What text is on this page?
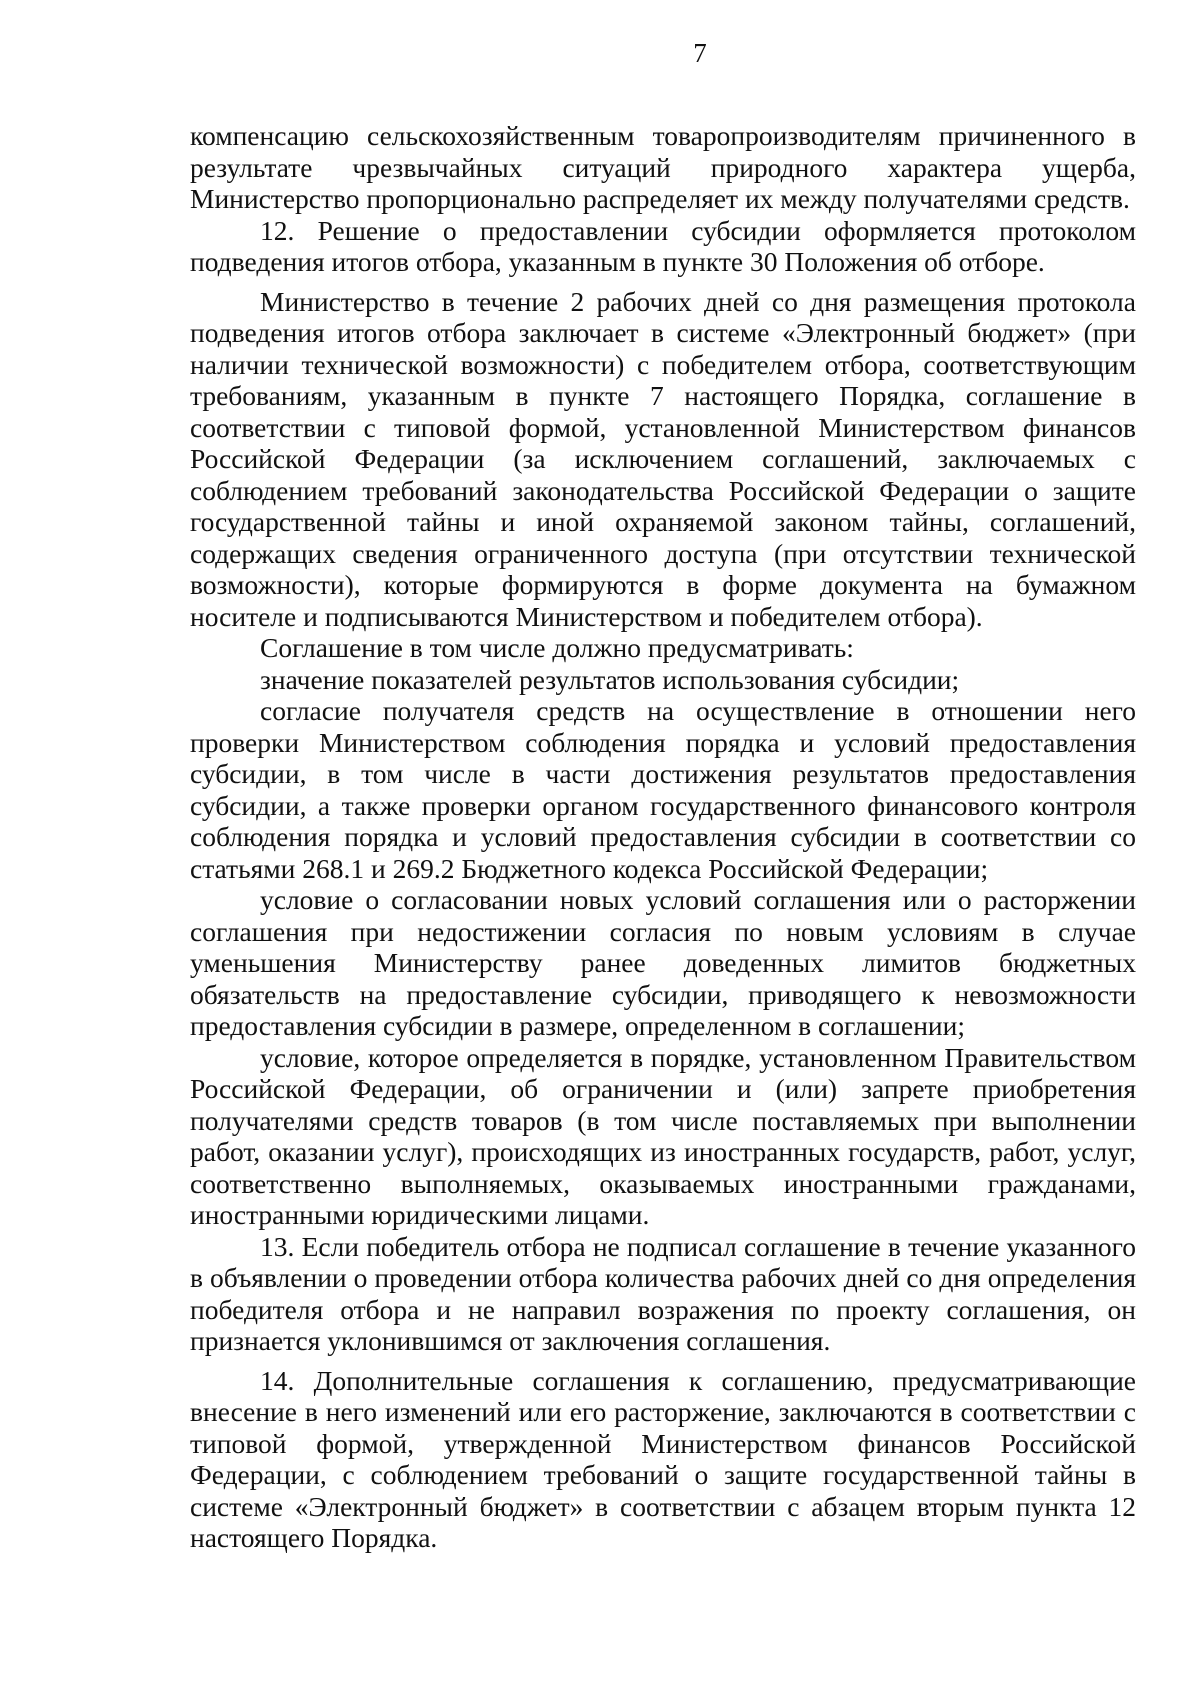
7

компенсацию сельскохозяйственным товаропроизводителям причиненного в результате чрезвычайных ситуаций природного характера ущерба, Министерство пропорционально распределяет их между получателями средств.

12. Решение о предоставлении субсидии оформляется протоколом подведения итогов отбора, указанным в пункте 30 Положения об отборе.

Министерство в течение 2 рабочих дней со дня размещения протокола подведения итогов отбора заключает в системе «Электронный бюджет» (при наличии технической возможности) с победителем отбора, соответствующим требованиям, указанным в пункте 7 настоящего Порядка, соглашение в соответствии с типовой формой, установленной Министерством финансов Российской Федерации (за исключением соглашений, заключаемых с соблюдением требований законодательства Российской Федерации о защите государственной тайны и иной охраняемой законом тайны, соглашений, содержащих сведения ограниченного доступа (при отсутствии технической возможности), которые формируются в форме документа на бумажном носителе и подписываются Министерством и победителем отбора).

Соглашение в том числе должно предусматривать:

значение показателей результатов использования субсидии;

согласие получателя средств на осуществление в отношении него проверки Министерством соблюдения порядка и условий предоставления субсидии, в том числе в части достижения результатов предоставления субсидии, а также проверки органом государственного финансового контроля соблюдения порядка и условий предоставления субсидии в соответствии со статьями 268.1 и 269.2 Бюджетного кодекса Российской Федерации;

условие о согласовании новых условий соглашения или о расторжении соглашения при недостижении согласия по новым условиям в случае уменьшения Министерству ранее доведенных лимитов бюджетных обязательств на предоставление субсидии, приводящего к невозможности предоставления субсидии в размере, определенном в соглашении;

условие, которое определяется в порядке, установленном Правительством Российской Федерации, об ограничении и (или) запрете приобретения получателями средств товаров (в том числе поставляемых при выполнении работ, оказании услуг), происходящих из иностранных государств, работ, услуг, соответственно выполняемых, оказываемых иностранными гражданами, иностранными юридическими лицами.

13. Если победитель отбора не подписал соглашение в течение указанного в объявлении о проведении отбора количества рабочих дней со дня определения победителя отбора и не направил возражения по проекту соглашения, он признается уклонившимся от заключения соглашения.

14. Дополнительные соглашения к соглашению, предусматривающие внесение в него изменений или его расторжение, заключаются в соответствии с типовой формой, утвержденной Министерством финансов Российской Федерации, с соблюдением требований о защите государственной тайны в системе «Электронный бюджет» в соответствии с абзацем вторым пункта 12 настоящего Порядка.
